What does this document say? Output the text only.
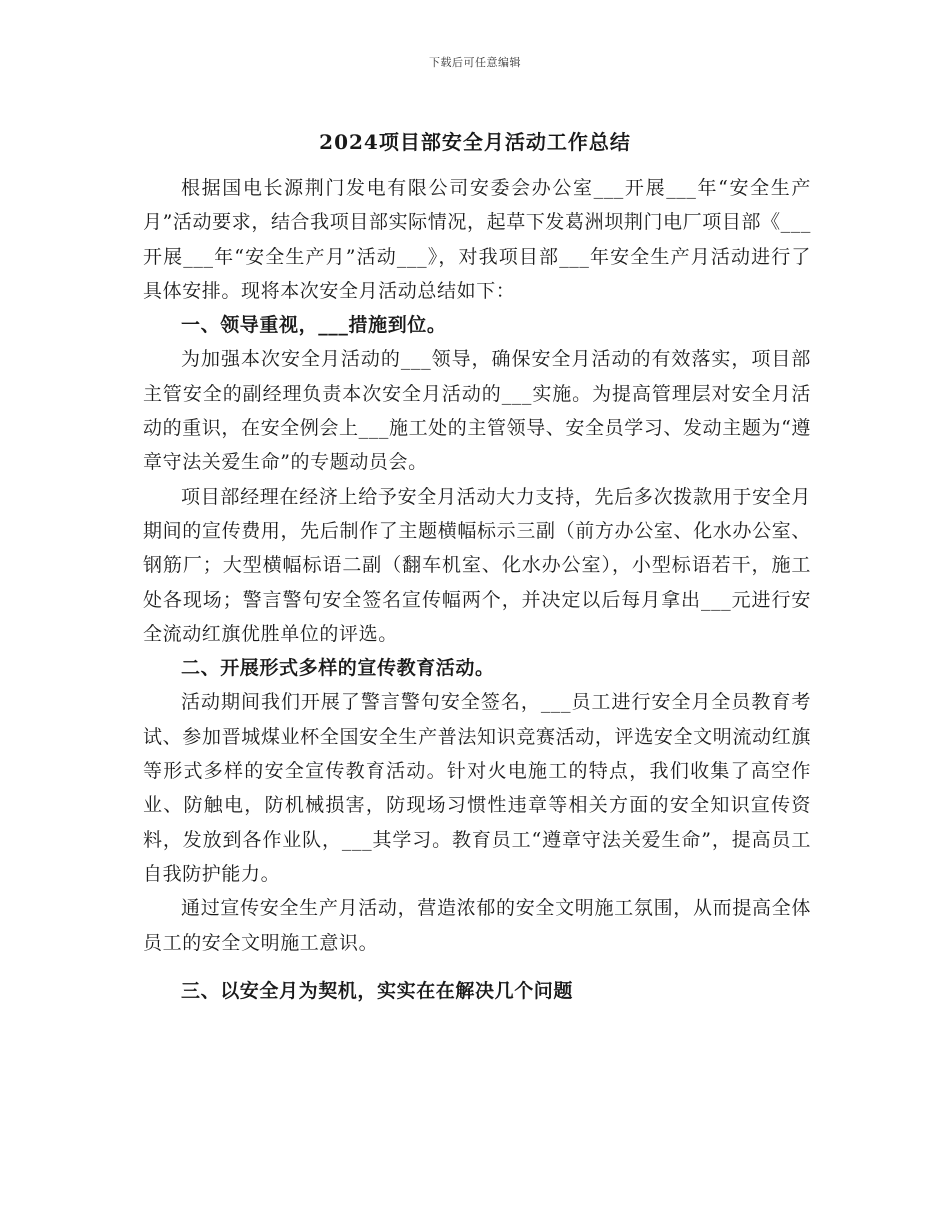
下载后可任意编辑
2024项目部安全月活动工作总结

根据国电长源荆门发电有限公司安委会办公室___开展___年“安全生产月”活动要求，结合我项目部实际情况，起草下发葛洲坝荆门电厂项目部《___开展___年“安全生产月”活动___》，对我项目部___年安全生产月活动进行了具体安排。现将本次安全月活动总结如下：

一、领导重视，___措施到位。

为加强本次安全月活动的___领导，确保安全月活动的有效落实，项目部主管安全的副经理负责本次安全月活动的___实施。为提高管理层对安全月活动的重识，在安全例会上___施工处的主管领导、安全员学习、发动主题为“遵章守法关爱生命”的专题动员会。

项目部经理在经济上给予安全月活动大力支持，先后多次拨款用于安全月期间的宣传费用，先后制作了主题横幅标示三副（前方办公室、化水办公室、钢筋厂；大型横幅标语二副（翻车机室、化水办公室），小型标语若干，施工处各现场；警言警句安全签名宣传幅两个，并决定以后每月拿出___元进行安全流动红旗优胜单位的评选。

二、开展形式多样的宣传教育活动。

活动期间我们开展了警言警句安全签名，___员工进行安全月全员教育考试、参加晋城煤业杯全国安全生产普法知识竞赛活动，评选安全文明流动红旗等形式多样的安全宣传教育活动。针对火电施工的特点，我们收集了高空作业、防触电，防机械损害，防现场习惯性违章等相关方面的安全知识宣传资料，发放到各作业队，___其学习。教育员工“遵章守法关爱生命”，提高员工自我防护能力。

通过宣传安全生产月活动，营造浓郁的安全文明施工氛围，从而提高全体员工的安全文明施工意识。

三、以安全月为契机，实实在在解决几个问题
